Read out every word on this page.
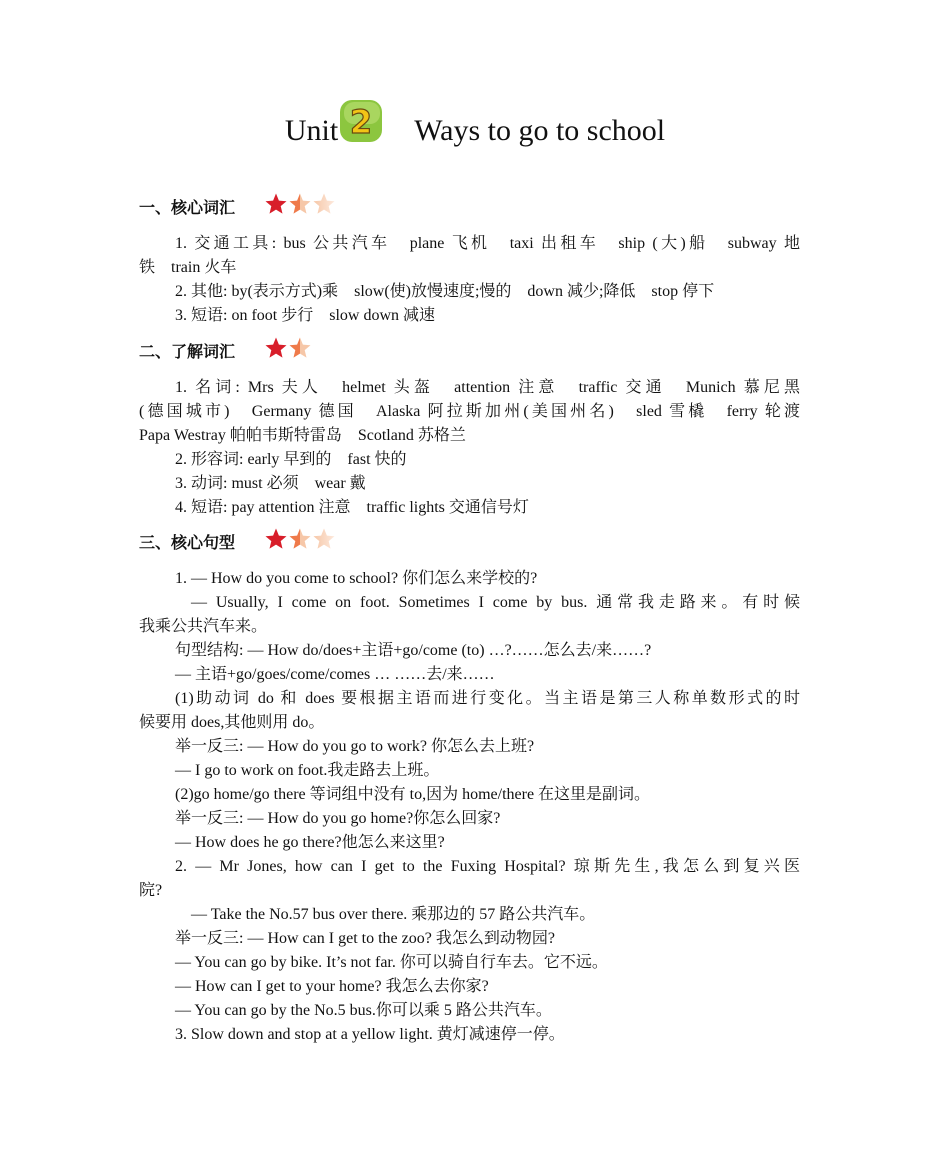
Unit 2 Ways to go to school
一、核心词汇
1. 交通工具: bus 公共汽车　plane 飞机　taxi 出租车　ship (大)船　subway 地
铁　train 火车
2. 其他: by(表示方式)乘　slow(使)放慢速度;慢的　down 减少;降低　stop 停下
3. 短语: on foot 步行　slow down 减速
二、了解词汇
1. 名词: Mrs 夫人　helmet 头盔　attention 注意　traffic 交通　Munich 慕尼黑
(德国城市)　Germany 德国　Alaska 阿拉斯加州(美国州名)　sled 雪橇　ferry 轮渡
Papa Westray 帕帕韦斯特雷岛　Scotland 苏格兰
2. 形容词: early 早到的　fast 快的
3. 动词: must 必须　wear 戴
4. 短语: pay attention 注意　traffic lights 交通信号灯
三、核心句型
1. — How do you come to school? 你们怎么来学校的?
— Usually, I come on foot. Sometimes I come by bus. 通常我走路来。有时候
我乘公共汽车来。
句型结构: — How do/does+主语+go/come (to) …?……怎么去/来……?
— 主语+go/goes/come/comes … ……去/来……
(1)助动词 do 和 does 要根据主语而进行变化。当主语是第三人称单数形式的时
候要用 does,其他则用 do。
举一反三: — How do you go to work? 你怎么去上班?
— I go to work on foot.我走路去上班。
(2)go home/go there 等词组中没有 to,因为 home/there 在这里是副词。
举一反三: — How do you go home?你怎么回家?
— How does he go there?他怎么来这里?
2. — Mr Jones, how can I get to the Fuxing Hospital? 琼斯先生,我怎么到复兴医
院?
— Take the No.57 bus over there. 乘那边的 57 路公共汽车。
举一反三: — How can I get to the zoo? 我怎么到动物园?
— You can go by bike. It’s not far. 你可以骑自行车去。它不远。
— How can I get to your home? 我怎么去你家?
— You can go by the No.5 bus.你可以乘 5 路公共汽车。
3. Slow down and stop at a yellow light. 黄灯减速停一停。
